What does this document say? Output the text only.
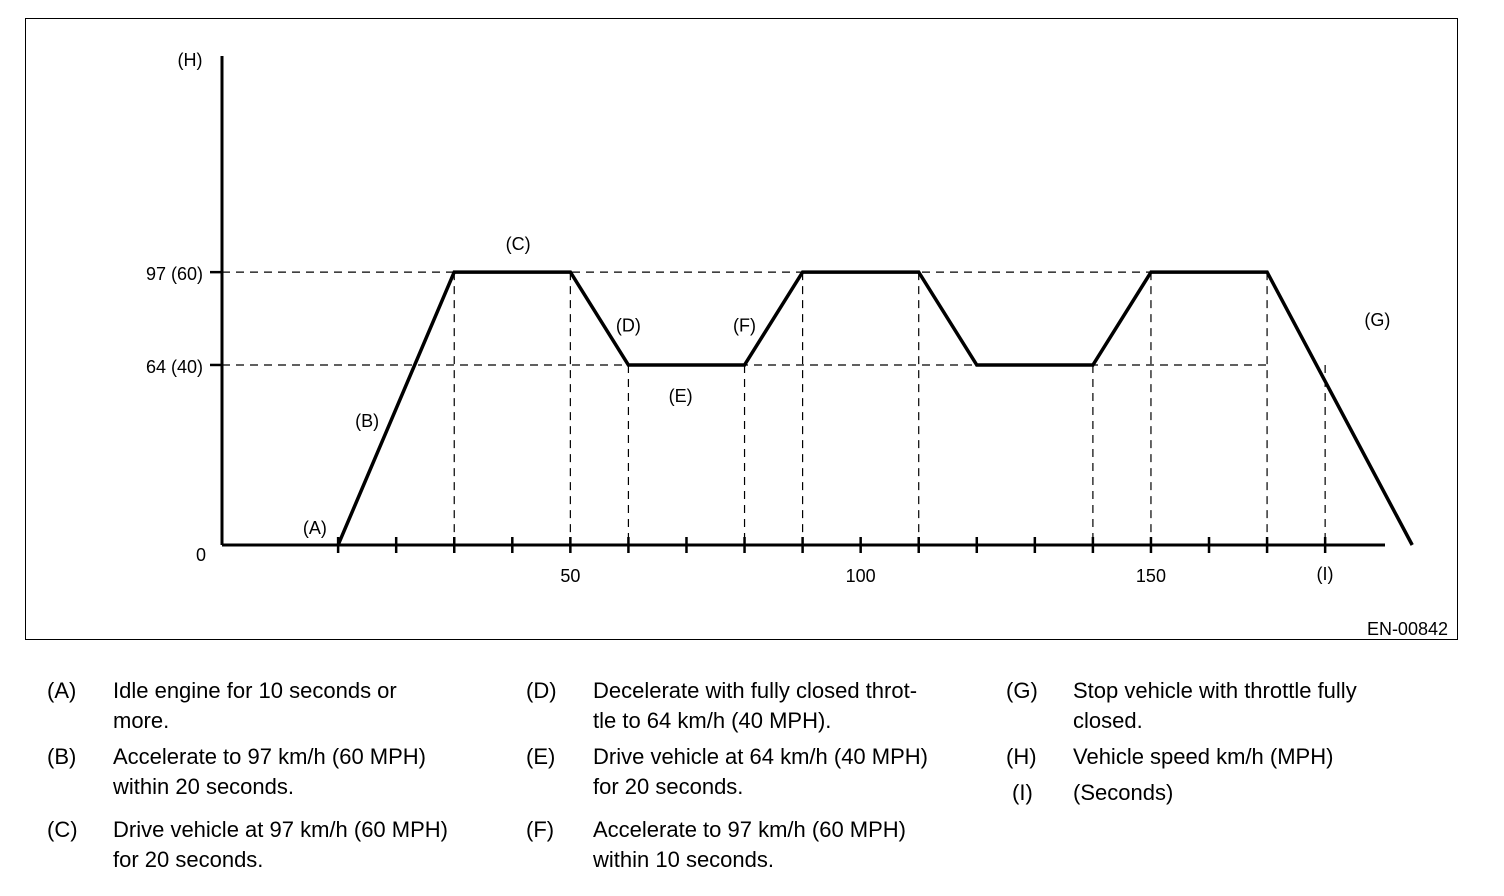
50	100	150
0
64 (40)
97 (60)
(H)
(I)
(A)
(B)
(C)
(D)
(E)
(F)	(G)
EN-00842
(A) Idle engine for 10 seconds or
more.
(B) Accelerate to 97 km/h (60 MPH)
within 20 seconds.
(C) Drive vehicle at 97 km/h (60 MPH)
for 20 seconds.
(D) Decelerate with fully closed throt-
tle to 64 km/h (40 MPH).
(E) Drive vehicle at 64 km/h (40 MPH)
for 20 seconds.
(F) Accelerate to 97 km/h (60 MPH)
within 10 seconds.
(G) Stop vehicle with throttle fully
closed.
(H) Vehicle speed km/h (MPH)
(I) (Seconds)
